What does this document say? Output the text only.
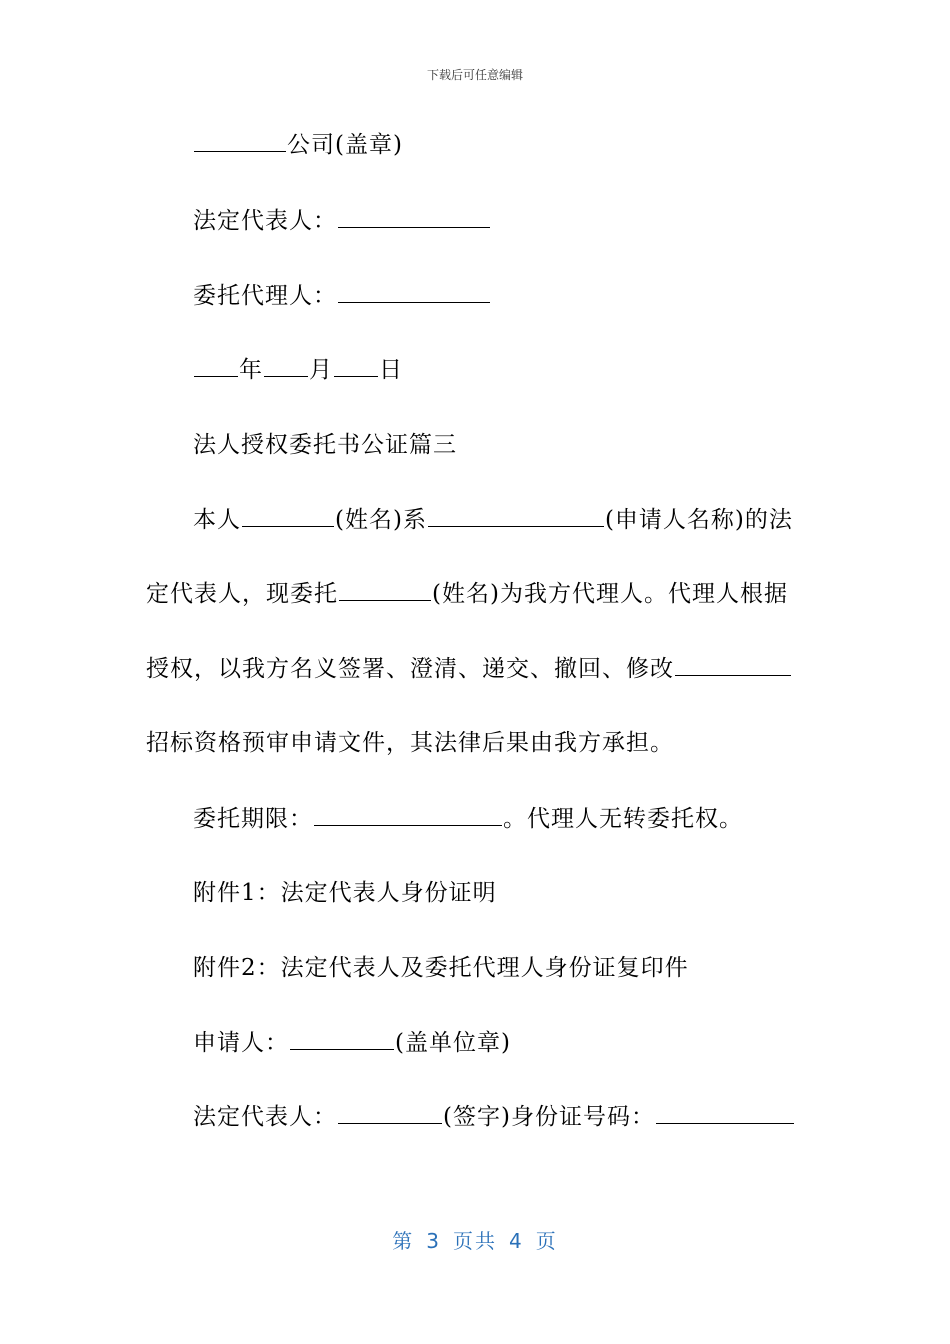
下载后可任意编辑
公司(盖章)
法定代表人：
委托代理人：
年 月 日
法人授权委托书公证篇三
本人	(姓名)系	(申请人名称)的法
定代表人，现委托	(姓名)为我方代理人。代理人根据
授权，以我方名义签署、澄清、递交、撤回、修改
招标资格预审申请文件，其法律后果由我方承担。
委托期限：	。代理人无转委托权。
附件1：法定代表人身份证明
附件2：法定代表人及委托代理人身份证复印件
申请人：	(盖单位章)
法定代表人：	(签字)身份证号码：
第 3 页共 4 页
